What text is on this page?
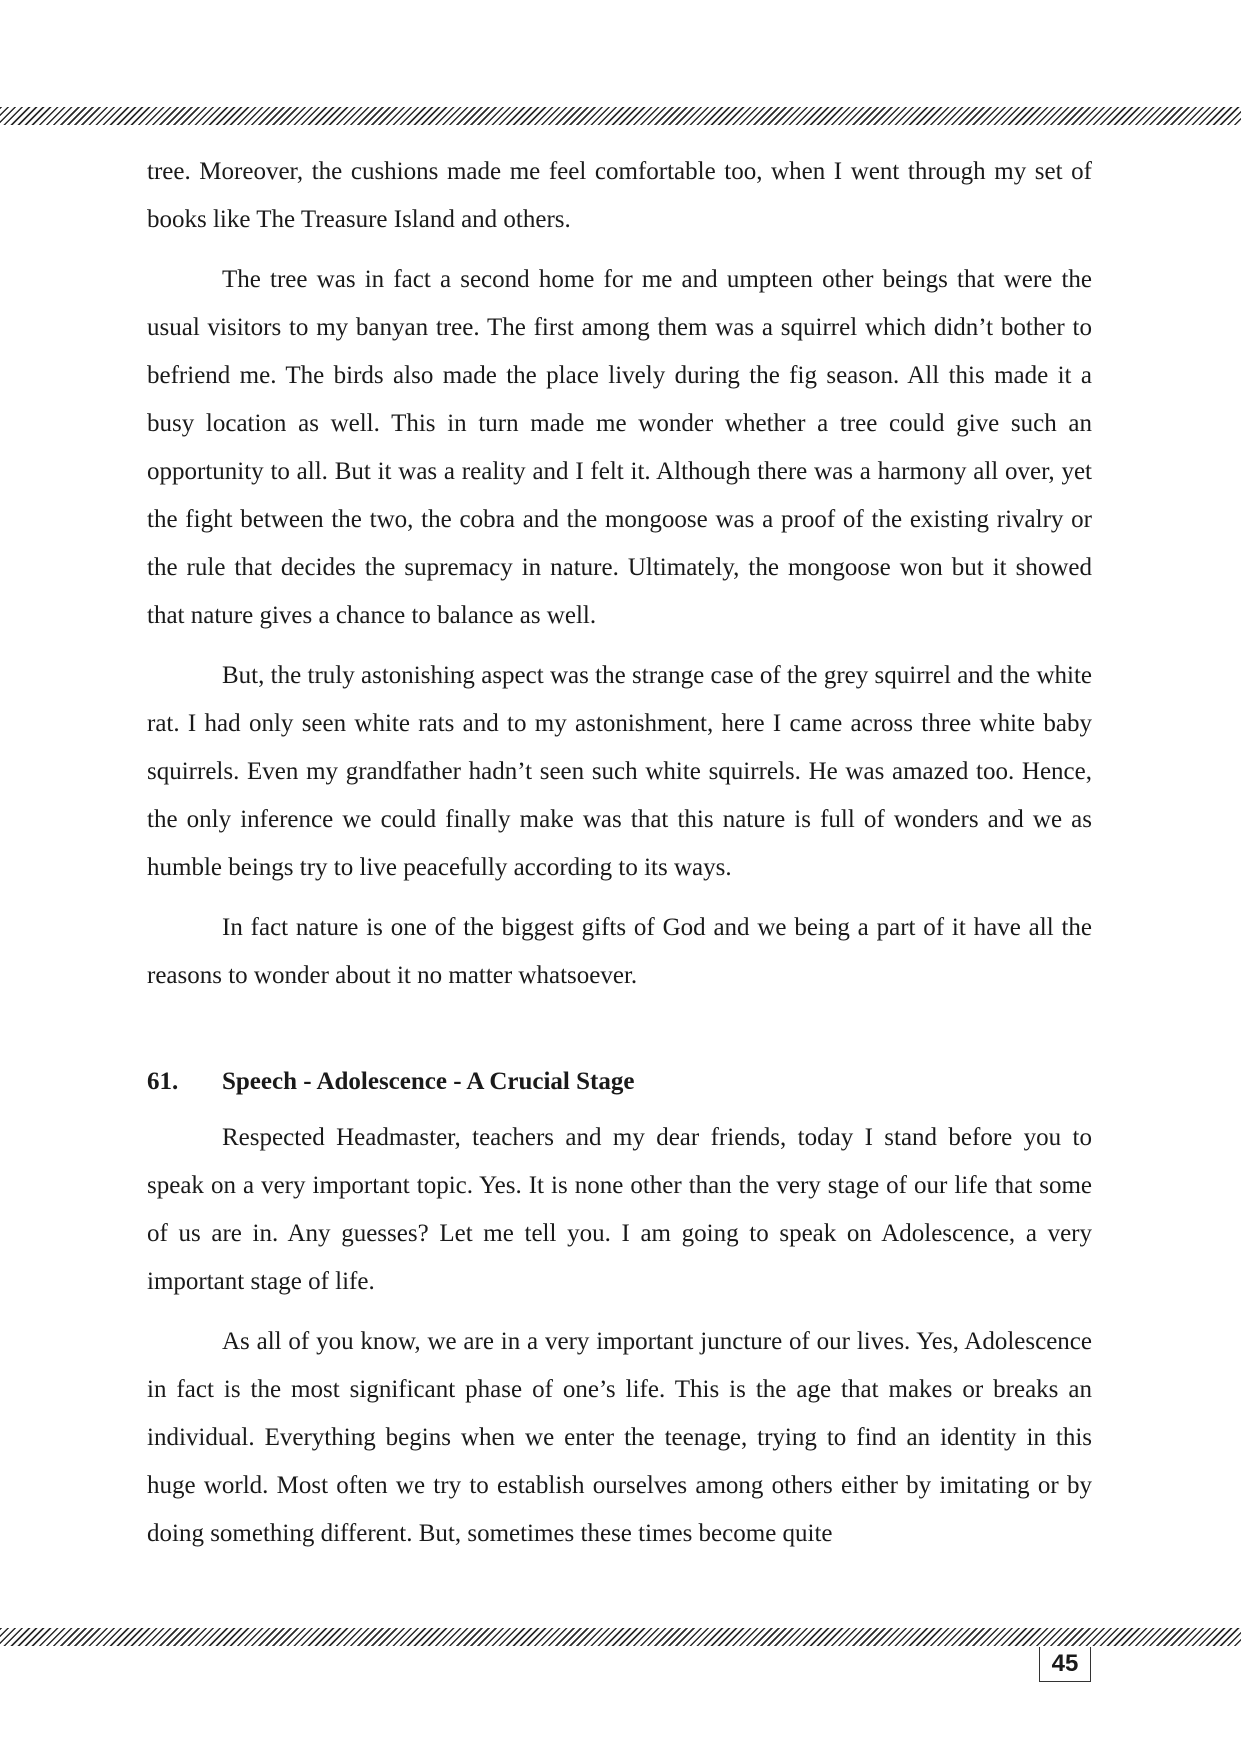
tree. Moreover, the cushions made me feel comfortable too, when I went through my set of books like The Treasure Island and others.

The tree was in fact a second home for me and umpteen other beings that were the usual visitors to my banyan tree. The first among them was a squirrel which didn’t bother to befriend me. The birds also made the place lively during the fig season. All this made it a busy location as well. This in turn made me wonder whether a tree could give such an opportunity to all. But it was a reality and I felt it. Although there was a harmony all over, yet the fight between the two, the cobra and the mongoose was a proof of the existing rivalry or the rule that decides the supremacy in nature. Ultimately, the mongoose won but it showed that nature gives a chance to balance as well.

But, the truly astonishing aspect was the strange case of the grey squirrel and the white rat. I had only seen white rats and to my astonishment, here I came across three white baby squirrels. Even my grandfather hadn’t seen such white squirrels. He was amazed too. Hence, the only inference we could finally make was that this nature is full of wonders and we as humble beings try to live peacefully according to its ways.

In fact nature is one of the biggest gifts of God and we being a part of it have all the reasons to wonder about it no matter whatsoever.

61.	Speech - Adolescence - A Crucial Stage

Respected Headmaster, teachers and my dear friends, today I stand before you to speak on a very important topic. Yes. It is none other than the very stage of our life that some of us are in. Any guesses? Let me tell you. I am going to speak on Adolescence, a very important stage of life.

As all of you know, we are in a very important juncture of our lives. Yes, Adolescence in fact is the most significant phase of one’s life. This is the age that makes or breaks an individual. Everything begins when we enter the teenage, trying to find an identity in this huge world. Most often we try to establish ourselves among others either by imitating or by doing something different. But, sometimes these times become quite

45
